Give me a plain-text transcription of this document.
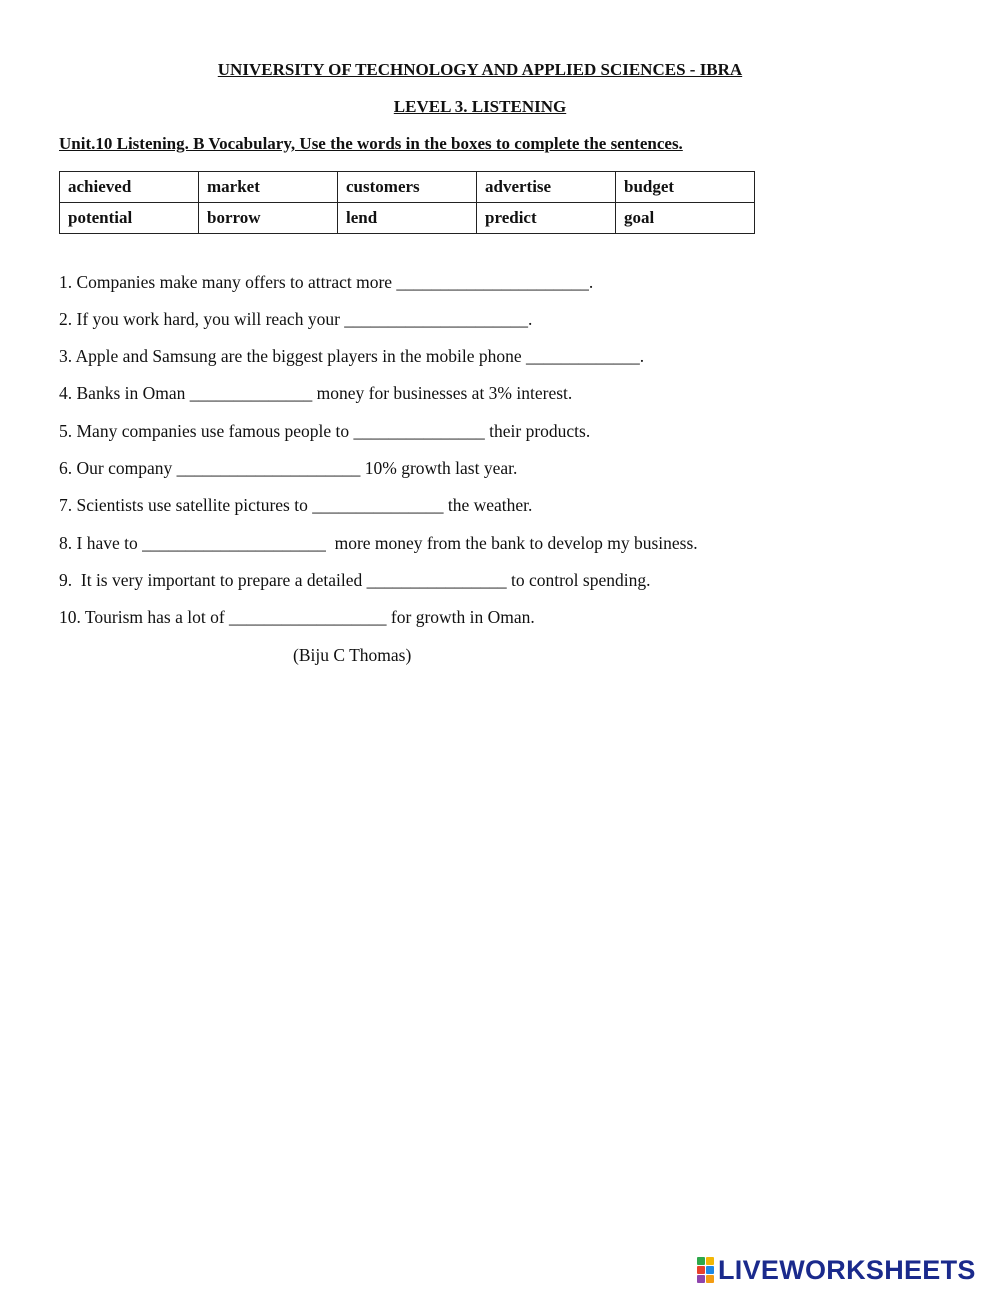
UNIVERSITY OF TECHNOLOGY AND APPLIED SCIENCES - IBRA
LEVEL 3. LISTENING
Unit.10 Listening. B Vocabulary, Use the words in the boxes to complete the sentences.
achieved	market	customers	advertise	budget
potential	borrow	lend	predict	goal
1. Companies make many offers to attract more ______________________.
2. If you work hard, you will reach your _____________________.
3. Apple and Samsung are the biggest players in the mobile phone _____________.
4. Banks in Oman ______________ money for businesses at 3% interest.
5. Many companies use famous people to _______________ their products.
6. Our company _____________________ 10% growth last year.
7. Scientists use satellite pictures to _______________ the weather.
8. I have to _____________________  more money from the bank to develop my business.
9.  It is very important to prepare a detailed ________________ to control spending.
10. Tourism has a lot of __________________ for growth in Oman.
(Biju C Thomas)
LIVEWORKSHEETS
